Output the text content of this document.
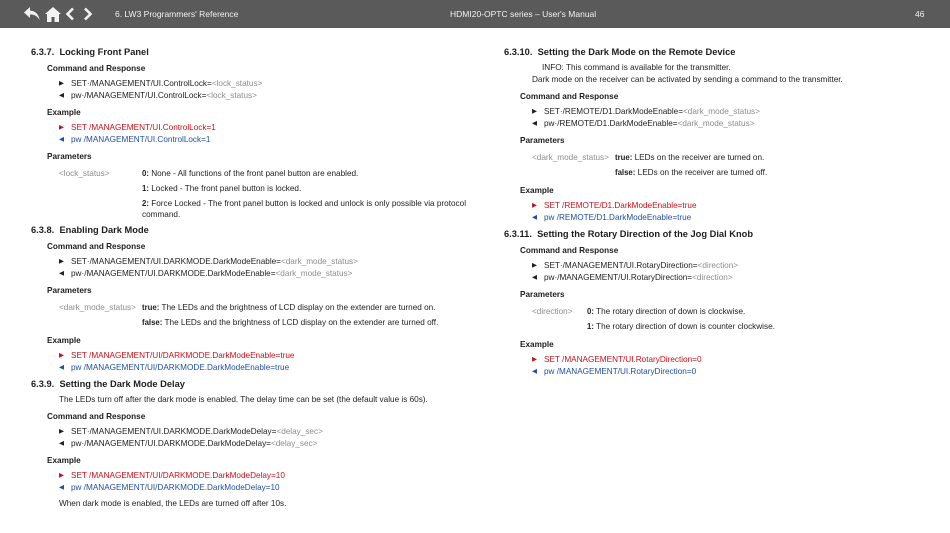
6. LW3 Programmers' Reference	HDMI20-OPTC series – User's Manual	46
6.3.7. Locking Front Panel
Command and Response
▶ SET·/MANAGEMENT/UI.ControlLock=<lock_status>
◀ pw·/MANAGEMENT/UI.ControlLock=<lock_status>
Example
▶ SET /MANAGEMENT/UI.ControlLock=1
◀ pw /MANAGEMENT/UI.ControlLock=1
Parameters
<lock_status>	0: None - All functions of the front panel button are enabled.
1: Locked - The front panel button is locked.
2: Force Locked - The front panel button is locked and unlock is only possible via protocol command.
6.3.8. Enabling Dark Mode
Command and Response
▶ SET·/MANAGEMENT/UI.DARKMODE.DarkModeEnable=<dark_mode_status>
◀ pw·/MANAGEMENT/UI.DARKMODE.DarkModeEnable=<dark_mode_status>
Parameters
<dark_mode_status> true: The LEDs and the brightness of LCD display on the extender are turned on.
false: The LEDs and the brightness of LCD display on the extender are turned off.
Example
▶ SET /MANAGEMENT/UI/DARKMODE.DarkModeEnable=true
◀ pw /MANAGEMENT/UI/DARKMODE.DarkModeEnable=true
6.3.9. Setting the Dark Mode Delay
The LEDs turn off after the dark mode is enabled. The delay time can be set (the default value is 60s).
Command and Response
▶ SET·/MANAGEMENT/UI.DARKMODE.DarkModeDelay=<delay_sec>
◀ pw·/MANAGEMENT/UI.DARKMODE.DarkModeDelay=<delay_sec>
Example
▶ SET /MANAGEMENT/UI/DARKMODE.DarkModeDelay=10
◀ pw /MANAGEMENT/UI/DARKMODE.DarkModeDelay=10
When dark mode is enabled, the LEDs are turned off after 10s.
6.3.10. Setting the Dark Mode on the Remote Device
INFO: This command is available for the transmitter.
Dark mode on the receiver can be activated by sending a command to the transmitter.
Command and Response
▶ SET·/REMOTE/D1.DarkModeEnable=<dark_mode_status>
◀ pw·/REMOTE/D1.DarkModeEnable=<dark_mode_status>
Parameters
<dark_mode_status> true: LEDs on the receiver are turned on.
false: LEDs on the receiver are turned off.
Example
▶ SET /REMOTE/D1.DarkModeEnable=true
◀ pw /REMOTE/D1.DarkModeEnable=true
6.3.11. Setting the Rotary Direction of the Jog Dial Knob
Command and Response
▶ SET·/MANAGEMENT/UI.RotaryDirection=<direction>
◀ pw·/MANAGEMENT/UI.RotaryDirection=<direction>
Parameters
<direction> 0: The rotary direction of down is clockwise.
1: The rotary direction of down is counter clockwise.
Example
▶ SET /MANAGEMENT/UI.RotaryDirection=0
◀ pw /MANAGEMENT/UI.RotaryDirection=0
